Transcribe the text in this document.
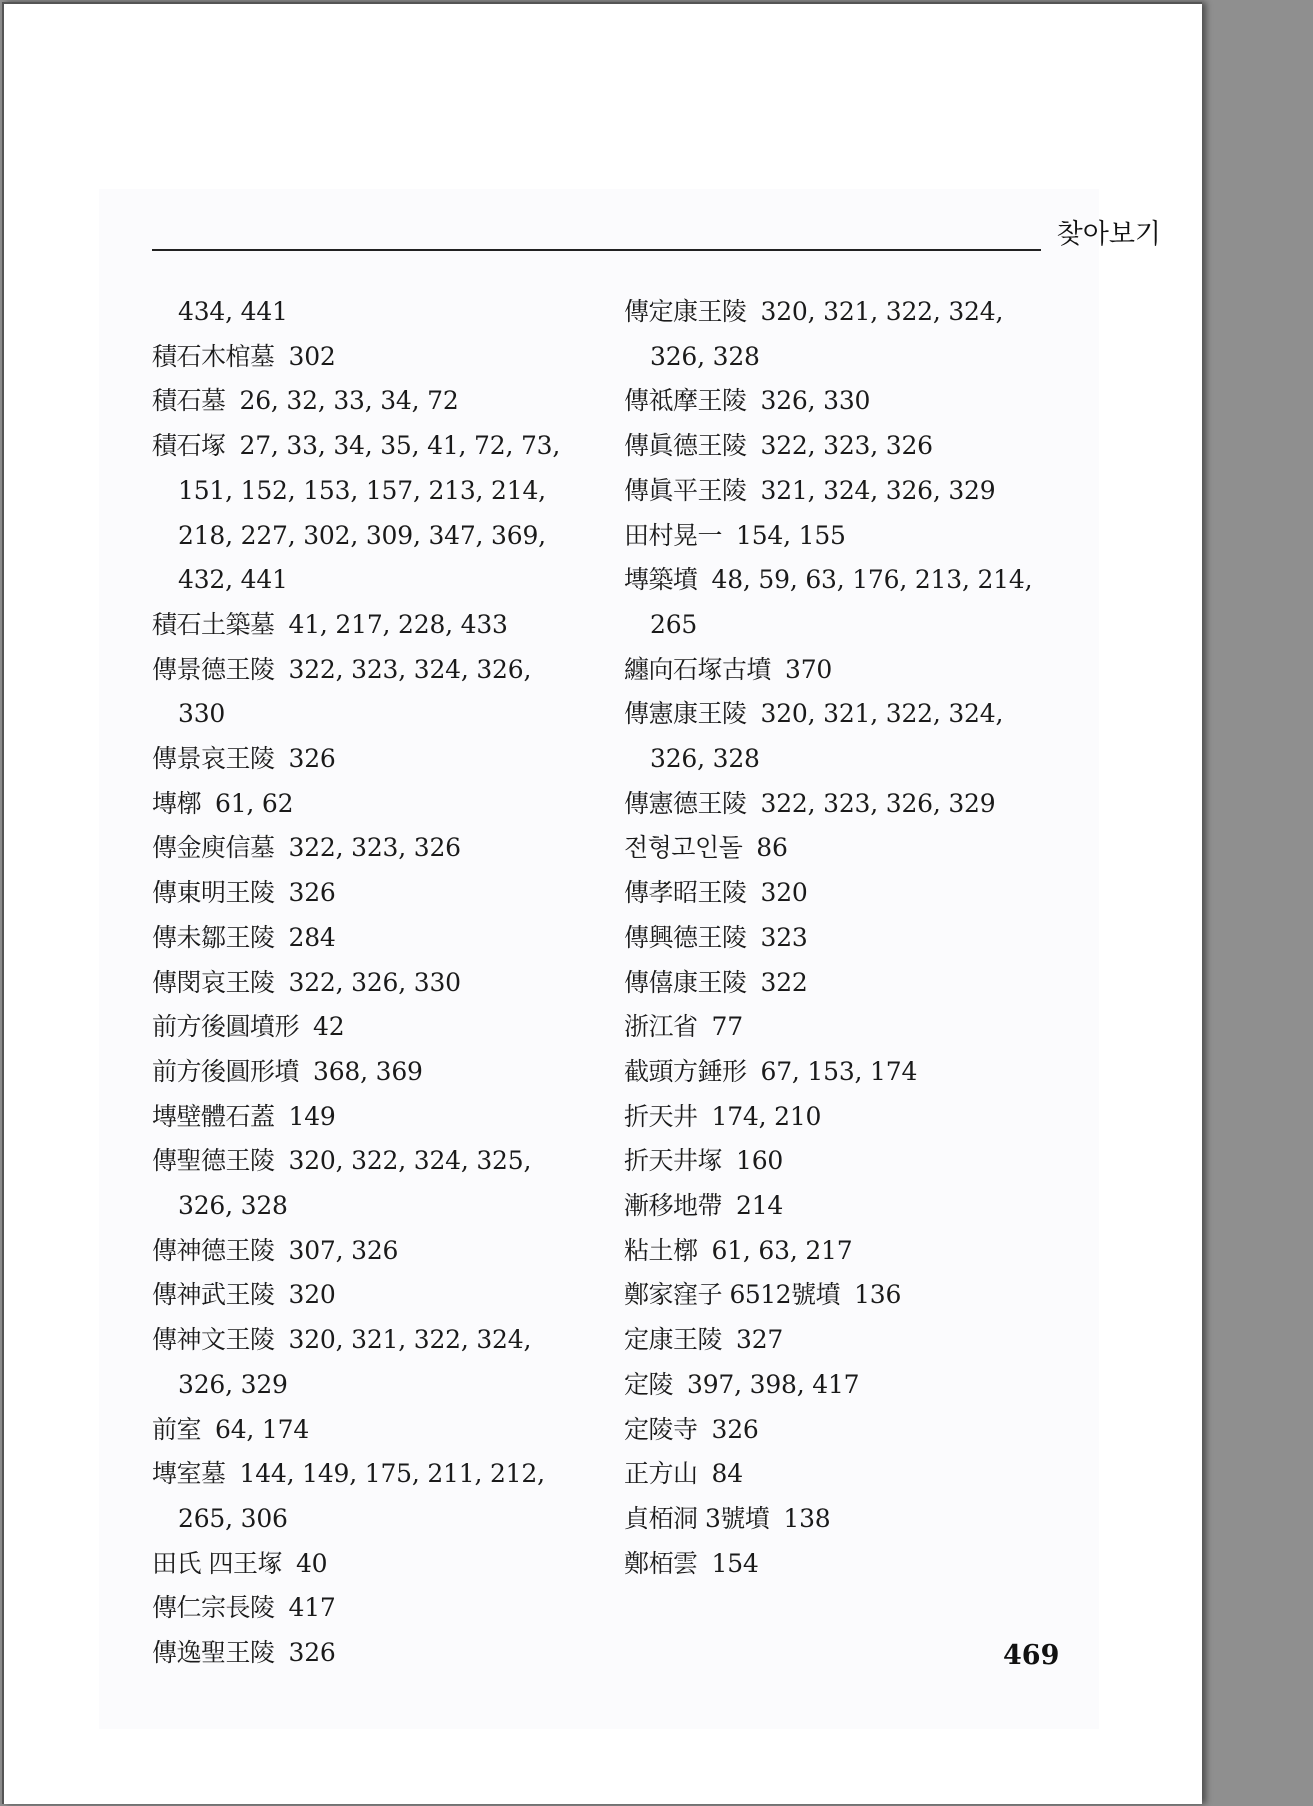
찾아보기
434, 441
積石木棺墓 302
積石墓 26, 32, 33, 34, 72
積石塚 27, 33, 34, 35, 41, 72, 73, 151, 152, 153, 157, 213, 214, 218, 227, 302, 309, 347, 369, 432, 441
積石土築墓 41, 217, 228, 433
傳景德王陵 322, 323, 324, 326, 330
傳景哀王陵 326
塼槨 61, 62
傳金庾信墓 322, 323, 326
傳東明王陵 326
傳未鄒王陵 284
傳閔哀王陵 322, 326, 330
前方後圓墳形 42
前方後圓形墳 368, 369
塼壁體石蓋 149
傳聖德王陵 320, 322, 324, 325, 326, 328
傳神德王陵 307, 326
傳神武王陵 320
傳神文王陵 320, 321, 322, 324, 326, 329
前室 64, 174
塼室墓 144, 149, 175, 211, 212, 265, 306
田氏 四王塚 40
傳仁宗長陵 417
傳逸聖王陵 326
傳定康王陵 320, 321, 322, 324, 326, 328
傳祗摩王陵 326, 330
傳眞德王陵 322, 323, 326
傳眞平王陵 321, 324, 326, 329
田村晃一 154, 155
塼築墳 48, 59, 63, 176, 213, 214, 265
纏向石塚古墳 370
傳憲康王陵 320, 321, 322, 324, 326, 328
傳憲德王陵 322, 323, 326, 329
전형고인돌 86
傳孝昭王陵 320
傳興德王陵 323
傳僖康王陵 322
浙江省 77
截頭方錘形 67, 153, 174
折天井 174, 210
折天井塚 160
漸移地帶 214
粘土槨 61, 63, 217
鄭家窪子 6512號墳 136
定康王陵 327
定陵 397, 398, 417
定陵寺 326
正方山 84
貞栢洞 3號墳 138
鄭栢雲 154
469
